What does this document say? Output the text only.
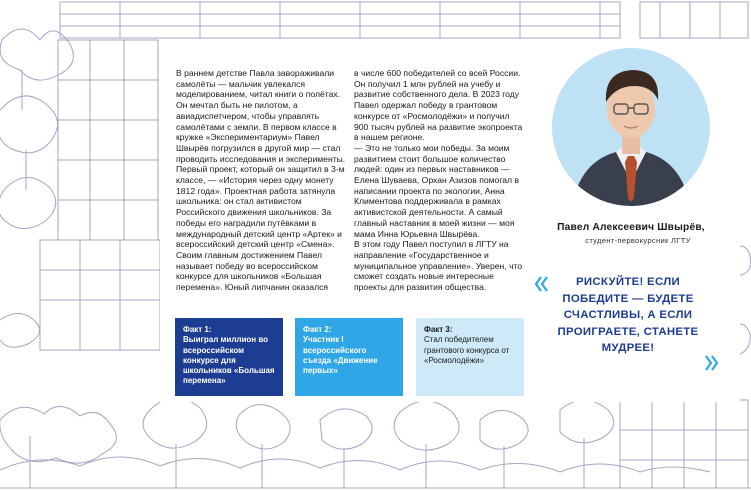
В раннем детстве Павла завораживали самолёты — мальчик увлекался моделированием, читал книги о полётах. Он мечтал быть не пилотом, а авиадиспетчером, чтобы управлять самолётами с земли. В первом классе в кружке «Экспериментариум» Павел Швырёв погрузился в другой мир — стал проводить исследования и эксперименты. Первый проект, который он защитил в 3-м классе, — «История через одну монету 1812 года». Проектная работа затянула школьника: он стал активистом Российского движения школьников. За победы его наградили путёвками в международный детский центр «Артек» и всероссийский детский центр «Смена».
Своим главным достижением Павел называет победу во всероссийском конкурсе для школьников «Большая перемена». Юный липчанин оказался
в числе 600 победителей со всей России. Он получил 1 млн рублей на учебу и развитие собственного дела. В 2023 году Павел одержал победу в грантовом конкурсе от «Росмолодёжи» и получил 900 тысяч рублей на развитие экопроекта в нашем регионе.
— Это не только мои победы. За моим развитием стоит большое количество людей: один из первых наставников — Елена Шуваева, Орхан Азизов помогал в написании проекта по экологии, Анна Климентова поддерживала в рамках активистской деятельности. А самый главный наставник в моей жизни — моя мама Инна Юрьевна Швырёва.
В этом году Павел поступил в ЛГТУ на направление «Государственное и муниципальное управление». Уверен, что сможет создать новые интересные проекты для развития общества.
Факт 1:
Выиграл миллион во всероссийском конкурсе для школьников «Большая перемена»
Факт 2:
Участник I всероссийского съезда «Движение первых»
Факт 3:
Стал победителем грантового конкурса от «Росмолодёжи»
Павел Алексеевич Швырёв,
студент-первокурсник ЛГТУ
РИСКУЙТЕ! ЕСЛИ ПОБЕДИТЕ — БУДЕТЕ СЧАСТЛИВЫ, А ЕСЛИ ПРОИГРАЕТЕ, СТАНЕТЕ МУДРЕЕ!
